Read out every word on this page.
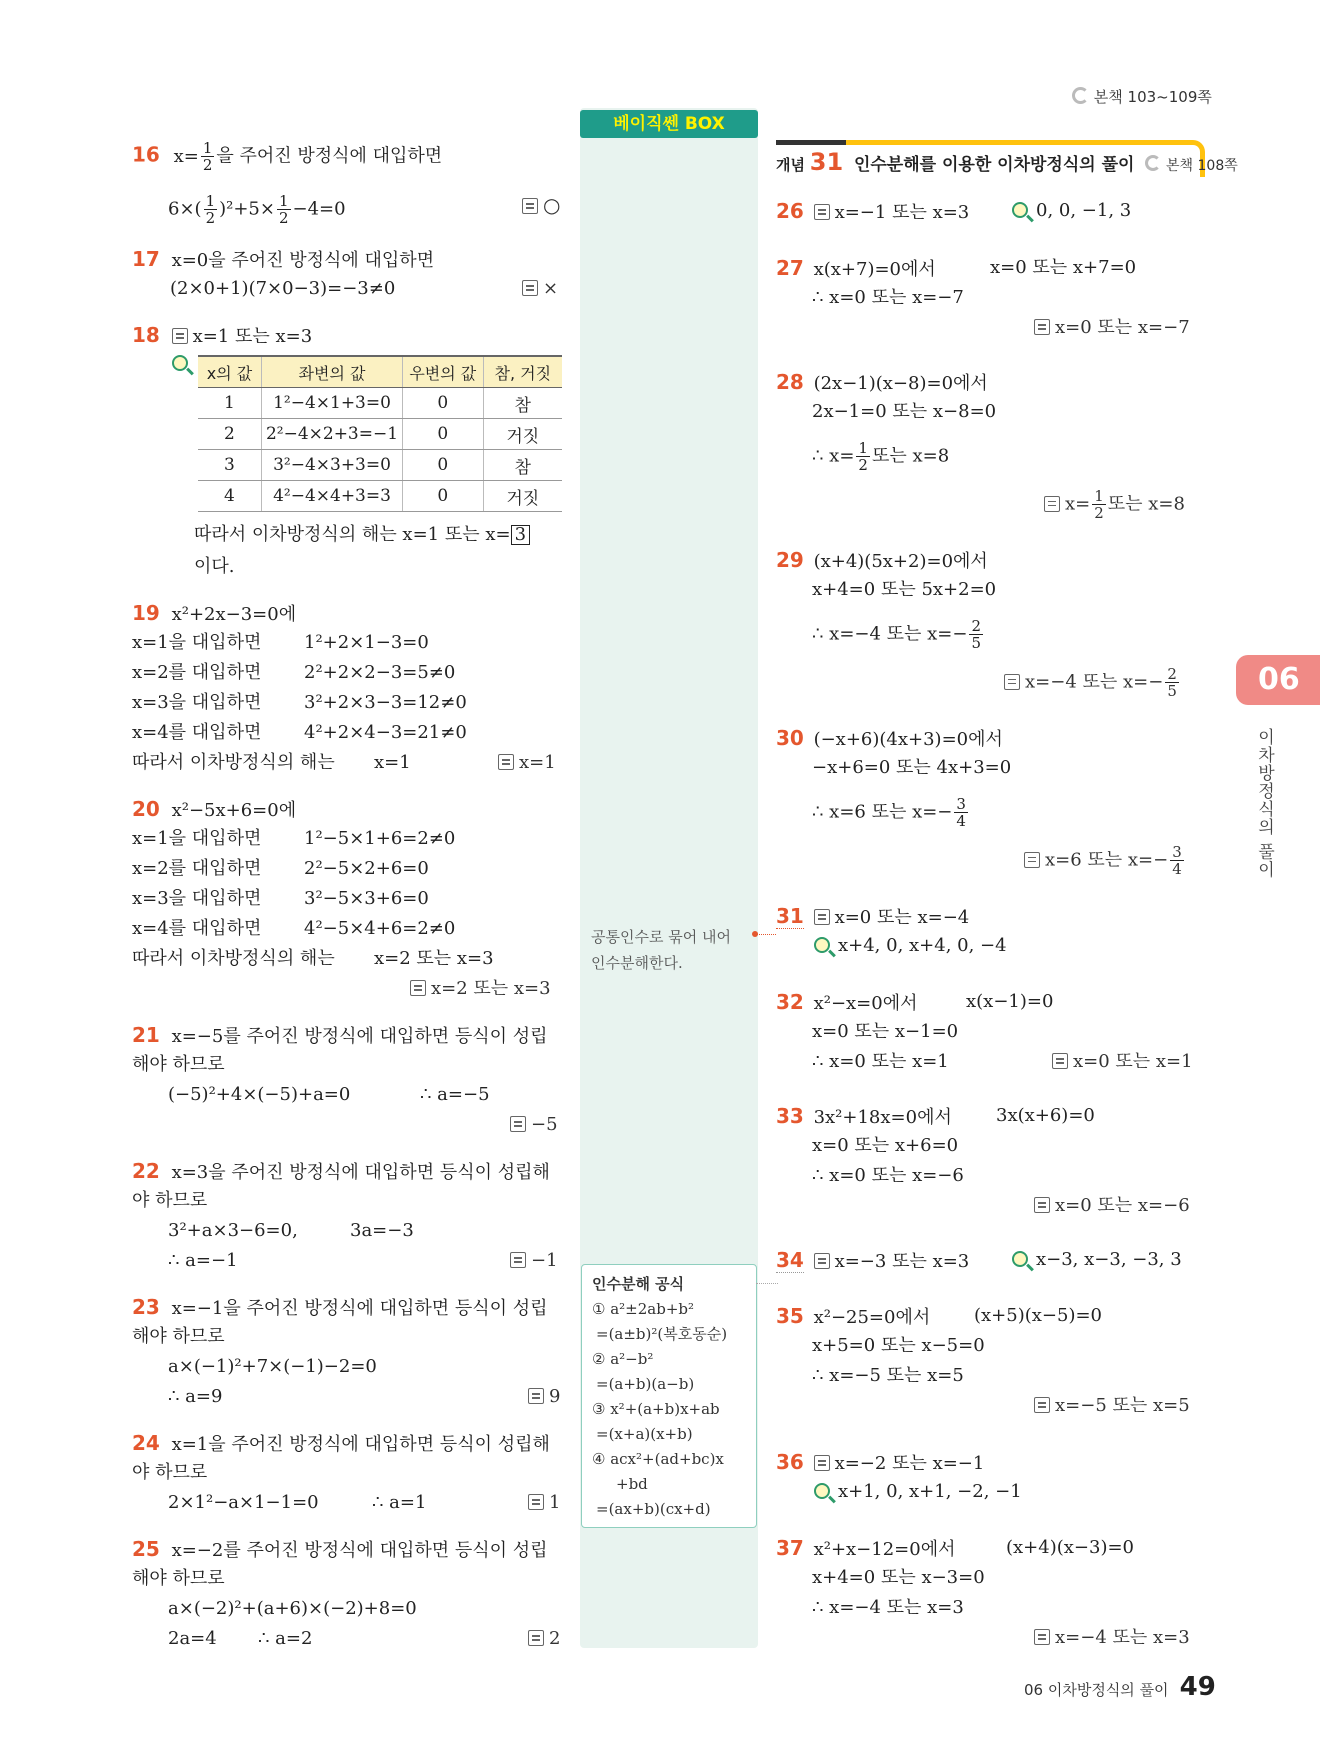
본책 103~109쪽
베이직쎈 BOX
공통인수로 묶어 내어
인수분해한다.
인수분해 공식
① a²±2ab+b²
=(a±b)²(복호동순)
② a²−b²
=(a+b)(a−b)
③ x²+(a+b)x+ab
=(x+a)(x+b)
④ acx²+(ad+bc)x
+bd
=(ax+b)(cx+d)
개념 31 인수분해를 이용한 이차방정식의 풀이 본책 108쪽
06
이차방정식의 풀이
06 이차방정식의 풀이 49
16 $x= \frac{1}{2}$ 을 주어진 방정식에 대입하면
$6\times( \frac{1}{2} )^2+5\times \frac{1}{2} -4=0$	○
17 x=0을 주어진 방정식에 대입하면
(2×0+1)(7×0−3)=−3≠0	×
18 x=1 또는 x=3
x의 값	좌변의 값	우변의 값	참, 거짓
1	1²−4×1+3=0	0	참
2	2²−4×2+3=−1	0	거짓
3	3²−4×3+3=0	0	참
4	4²−4×4+3=3	0	거짓
따라서 이차방정식의 해는 x=1 또는 x= 3
이다.
19 x²+2x−3=0에
x=1을 대입하면 1²+2×1−3=0
x=2를 대입하면 2²+2×2−3=5≠0
x=3을 대입하면 3²+2×3−3=12≠0
x=4를 대입하면 4²+2×4−3=21≠0
따라서 이차방정식의 해는 x=1	x=1
20 x²−5x+6=0에
x=1을 대입하면 1²−5×1+6=2≠0
x=2를 대입하면 2²−5×2+6=0
x=3을 대입하면 3²−5×3+6=0
x=4를 대입하면 4²−5×4+6=2≠0
따라서 이차방정식의 해는 x=2 또는 x=3
x=2 또는 x=3
21 x=−5를 주어진 방정식에 대입하면 등식이 성립
해야 하므로
(−5)²+4×(−5)+a=0	∴ a=−5
−5
22 x=3을 주어진 방정식에 대입하면 등식이 성립해
야 하므로
3²+a×3−6=0,	3a=−3
∴ a=−1	−1
23 x=−1을 주어진 방정식에 대입하면 등식이 성립
해야 하므로
a×(−1)²+7×(−1)−2=0
∴ a=9	9
24 x=1을 주어진 방정식에 대입하면 등식이 성립해
야 하므로
2×1²−a×1−1=0	∴ a=1	1
25 x=−2를 주어진 방정식에 대입하면 등식이 성립
해야 하므로
a×(−2)²+(a+6)×(−2)+8=0
2a=4 ∴ a=2	2
26 x=−1 또는 x=3	0, 0, −1, 3
27 x(x+7)=0에서	x=0 또는 x+7=0
∴ x=0 또는 x=−7
x=0 또는 x=−7
28 (2x−1)(x−8)=0에서
2x−1=0 또는 x−8=0
∴ $x= \frac{1}{2}$ 또는 x=8
$x= \frac{1}{2}$ 또는 x=8
29 (x+4)(5x+2)=0에서
x+4=0 또는 5x+2=0
∴ x=−4 또는 $x=- \frac{2}{5}$
x=−4 또는 $x=- \frac{2}{5}$
30 (−x+6)(4x+3)=0에서
−x+6=0 또는 4x+3=0
∴ x=6 또는 $x=- \frac{3}{4}$
x=6 또는 $x=- \frac{3}{4}$
31 x=0 또는 x=−4
x+4, 0, x+4, 0, −4
32 x²−x=0에서	x(x−1)=0
x=0 또는 x−1=0
∴ x=0 또는 x=1	x=0 또는 x=1
33 3x²+18x=0에서 3x(x+6)=0
x=0 또는 x+6=0
∴ x=0 또는 x=−6
x=0 또는 x=−6
34 x=−3 또는 x=3	x−3, x−3, −3, 3
35 x²−25=0에서 (x+5)(x−5)=0
x+5=0 또는 x−5=0
∴ x=−5 또는 x=5
x=−5 또는 x=5
36 x=−2 또는 x=−1
x+1, 0, x+1, −2, −1
37 x²+x−12=0에서	(x+4)(x−3)=0
x+4=0 또는 x−3=0
∴ x=−4 또는 x=3
x=−4 또는 x=3
